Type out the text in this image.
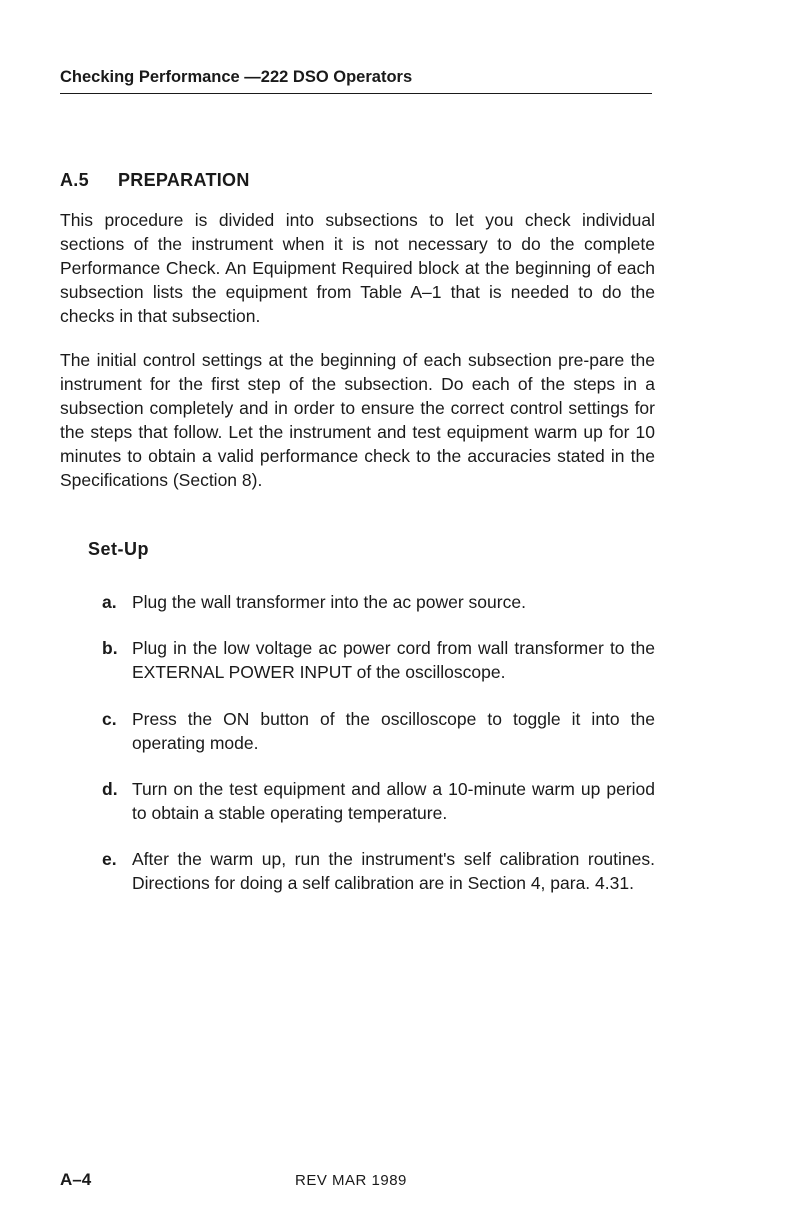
Checking Performance —222 DSO Operators
A.5 PREPARATION

This procedure is divided into subsections to let you check individual sections of the instrument when it is not necessary to do the complete Performance Check. An Equipment Required block at the beginning of each subsection lists the equipment from Table A–1 that is needed to do the checks in that subsection.

The initial control settings at the beginning of each subsection pre-pare the instrument for the first step of the subsection. Do each of the steps in a subsection completely and in order to ensure the correct control settings for the steps that follow. Let the instrument and test equipment warm up for 10 minutes to obtain a valid performance check to the accuracies stated in the Specifications (Section 8).

Set-Up
a. Plug the wall transformer into the ac power source.
b. Plug in the low voltage ac power cord from wall transformer to the EXTERNAL POWER INPUT of the oscilloscope.
c. Press the ON button of the oscilloscope to toggle it into the operating mode.
d. Turn on the test equipment and allow a 10-minute warm up period to obtain a stable operating temperature.
e. After the warm up, run the instrument's self calibration routines. Directions for doing a self calibration are in Section 4, para. 4.31.
A–4	REV MAR 1989
